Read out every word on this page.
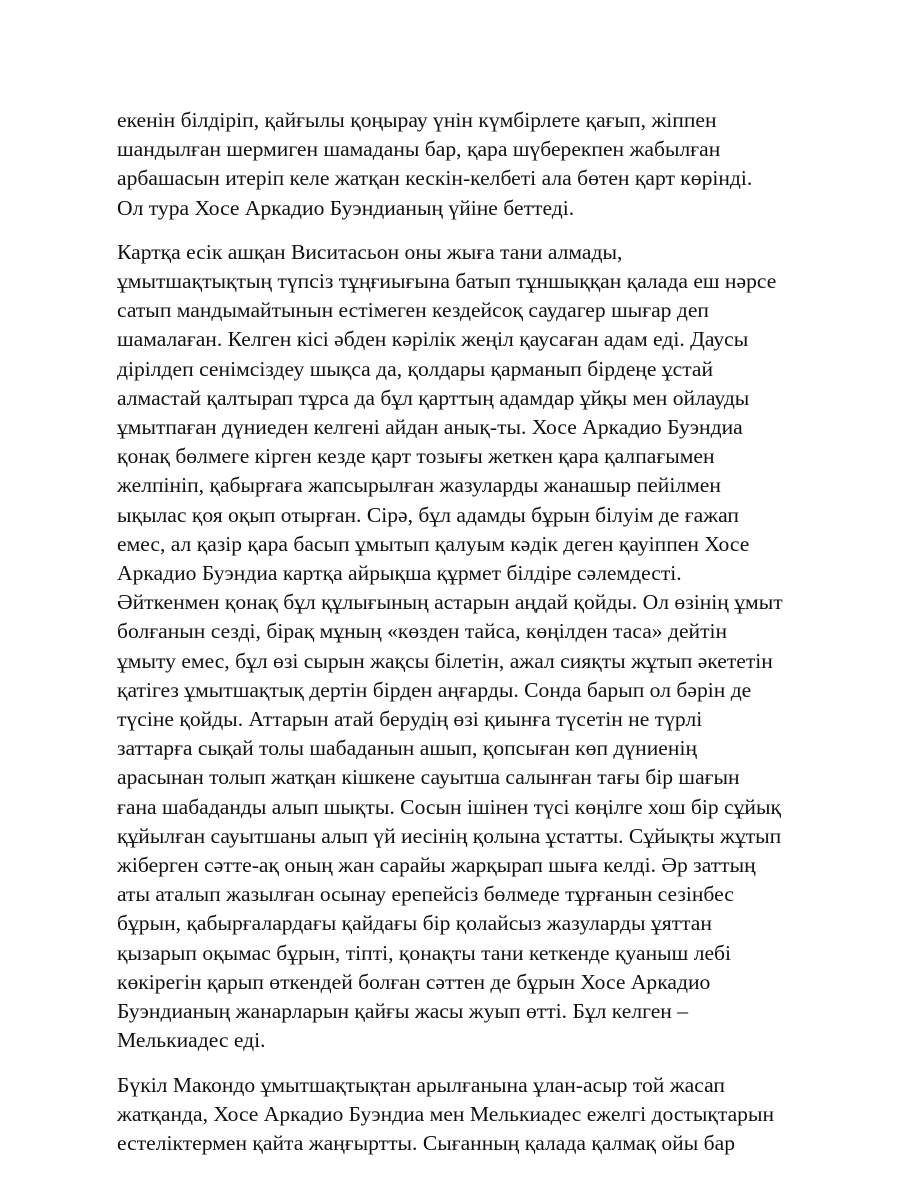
екенін білдіріп, қайғылы қоңырау үнін күмбірлете қағып, жіппен
шандылған шермиген шамаданы бар, қара шүберекпен жабылған
арбашасын итеріп келе жатқан кескін-келбеті ала бөтен қарт көрінді.
Ол тура Хосе Аркадио Буэндианың үйіне беттеді.

Картқа есік ашқан Виситасьон оны жыға тани алмады,
ұмытшақтықтың түпсіз тұңғиығына батып тұншыққан қалада еш нәрсе
сатып мандымайтынын естімеген кездейсоқ саудагер шығар деп
шамалаған. Келген кісі әбден кәрілік жеңіл қаусаған адам еді. Даусы
дірілдеп сенімсіздеу шықса да, қолдары қарманып бірдеңе ұстай
алмастай қалтырап тұрса да бұл қарттың адамдар ұйқы мен ойлауды
ұмытпаған дүниеден келгені айдан анық-ты. Хосе Аркадио Буэндиа
қонақ бөлмеге кірген кезде қарт тозығы жеткен қара қалпағымен
желпініп, қабырғаға жапсырылған жазуларды жанашыр пейілмен
ықылас қоя оқып отырған. Сірә, бұл адамды бұрын білуім де ғажап
емес, ал қазір қара басып ұмытып қалуым кәдік деген қауіппен Хосе
Аркадио Буэндиа картқа айрықша құрмет білдіре сәлемдесті.
Әйткенмен қонақ бұл құлығының астарын аңдай қойды. Ол өзінің ұмыт
болғанын сезді, бірақ мұның «көзден тайса, көңілден таса» дейтін
ұмыту емес, бұл өзі сырын жақсы білетін, ажал сияқты жұтып әкететін
қатігез ұмытшақтық дертін бірден аңғарды. Сонда барып ол бәрін де
түсіне қойды. Аттарын атай берудің өзі қиынға түсетін не түрлі
заттарға сықай толы шабаданын ашып, қопсыған көп дүниенің
арасынан толып жатқан кішкене сауытша салынған тағы бір шағын
ғана шабаданды алып шықты. Сосын ішінен түсі көңілге хош бір сұйық
құйылған сауытшаны алып үй иесінің қолына ұстатты. Сұйықты жұтып
жіберген сәтте-ақ оның жан сарайы жарқырап шыға келді. Әр заттың
аты аталып жазылған осынау ерепейсіз бөлмеде тұрғанын сезінбес
бұрын, қабырғалардағы қайдағы бір қолайсыз жазуларды ұяттан
қызарып оқымас бұрын, тіпті, қонақты тани кеткенде қуаныш лебі
көкірегін қарып өткендей болған сәттен де бұрын Хосе Аркадио
Буэндианың жанарларын қайғы жасы жуып өтті. Бұл келген –
Мелькиадес еді.

Бүкіл Макондо ұмытшақтықтан арылғанына ұлан-асыр той жасап
жатқанда, Хосе Аркадио Буэндиа мен Мелькиадес ежелгі достықтарын
естеліктермен қайта жаңғыртты. Сығанның қалада қалмақ ойы бар
